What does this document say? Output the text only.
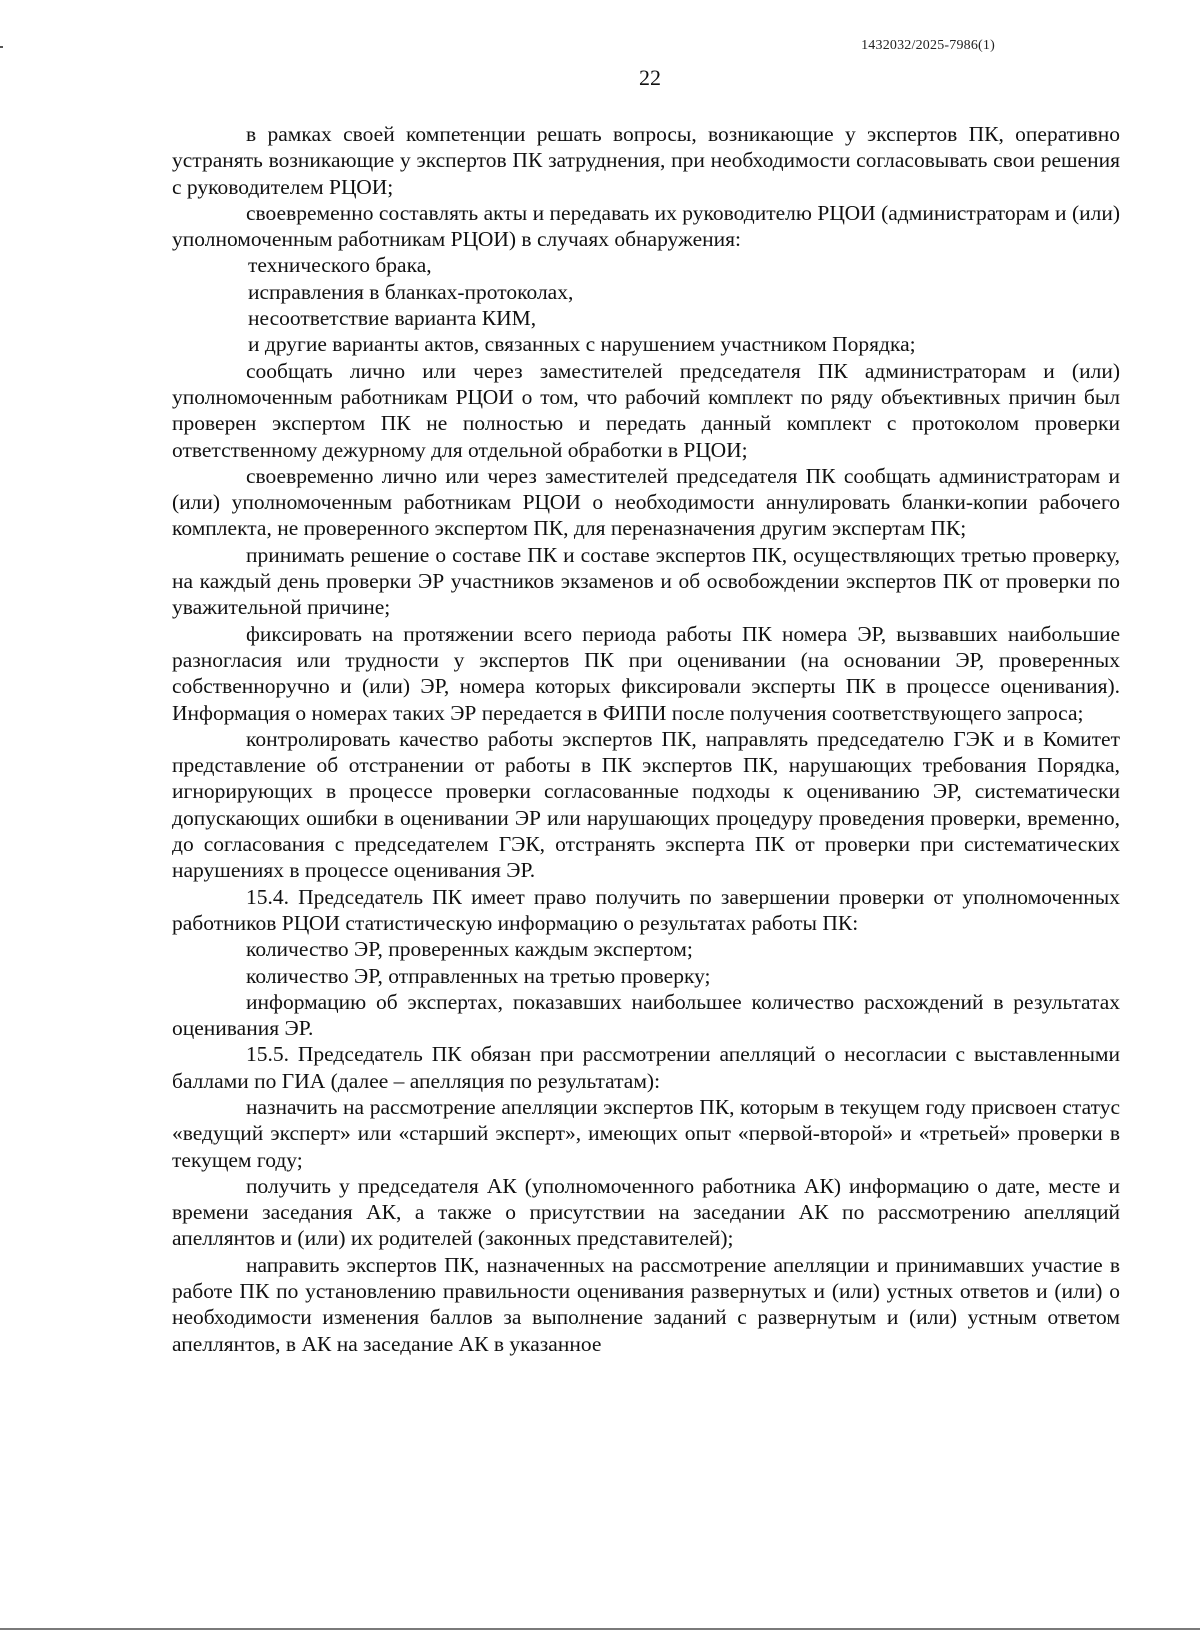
1432032/2025-7986(1)
22

в рамках своей компетенции решать вопросы, возникающие у экспертов ПК, оперативно устранять возникающие у экспертов ПК затруднения, при необходимости согласовывать свои решения с руководителем РЦОИ;

своевременно составлять акты и передавать их руководителю РЦОИ (администраторам и (или) уполномоченным работникам РЦОИ) в случаях обнаружения:

технического брака,

исправления в бланках-протоколах,

несоответствие варианта КИМ,

и другие варианты актов, связанных с нарушением участником Порядка;

сообщать лично или через заместителей председателя ПК администраторам и (или) уполномоченным работникам РЦОИ о том, что рабочий комплект по ряду объективных причин был проверен экспертом ПК не полностью и передать данный комплект с протоколом проверки ответственному дежурному для отдельной обработки в РЦОИ;

своевременно лично или через заместителей председателя ПК сообщать администраторам и (или) уполномоченным работникам РЦОИ о необходимости аннулировать бланки-копии рабочего комплекта, не проверенного экспертом ПК, для переназначения другим экспертам ПК;

принимать решение о составе ПК и составе экспертов ПК, осуществляющих третью проверку, на каждый день проверки ЭР участников экзаменов и об освобождении экспертов ПК от проверки по уважительной причине;

фиксировать на протяжении всего периода работы ПК номера ЭР, вызвавших наибольшие разногласия или трудности у экспертов ПК при оценивании (на основании ЭР, проверенных собственноручно и (или) ЭР, номера которых фиксировали эксперты ПК в процессе оценивания). Информация о номерах таких ЭР передается в ФИПИ после получения соответствующего запроса;

контролировать качество работы экспертов ПК, направлять председателю ГЭК и в Комитет представление об отстранении от работы в ПК экспертов ПК, нарушающих требования Порядка, игнорирующих в процессе проверки согласованные подходы к оцениванию ЭР, систематически допускающих ошибки в оценивании ЭР или нарушающих процедуру проведения проверки, временно, до согласования с председателем ГЭК, отстранять эксперта ПК от проверки при систематических нарушениях в процессе оценивания ЭР.

15.4. Председатель ПК имеет право получить по завершении проверки от уполномоченных работников РЦОИ статистическую информацию о результатах работы ПК:

количество ЭР, проверенных каждым экспертом;

количество ЭР, отправленных на третью проверку;

информацию об экспертах, показавших наибольшее количество расхождений в результатах оценивания ЭР.

15.5. Председатель ПК обязан при рассмотрении апелляций о несогласии с выставленными баллами по ГИА (далее – апелляция по результатам):

назначить на рассмотрение апелляции экспертов ПК, которым в текущем году присвоен статус «ведущий эксперт» или «старший эксперт», имеющих опыт «первой-второй» и «третьей» проверки в текущем году;

получить у председателя АК (уполномоченного работника АК) информацию о дате, месте и времени заседания АК, а также о присутствии на заседании АК по рассмотрению апелляций апеллянтов и (или) их родителей (законных представителей);

направить экспертов ПК, назначенных на рассмотрение апелляции и принимавших участие в работе ПК по установлению правильности оценивания развернутых и (или) устных ответов и (или) о необходимости изменения баллов за выполнение заданий с развернутым и (или) устным ответом апеллянтов, в АК на заседание АК в указанное
